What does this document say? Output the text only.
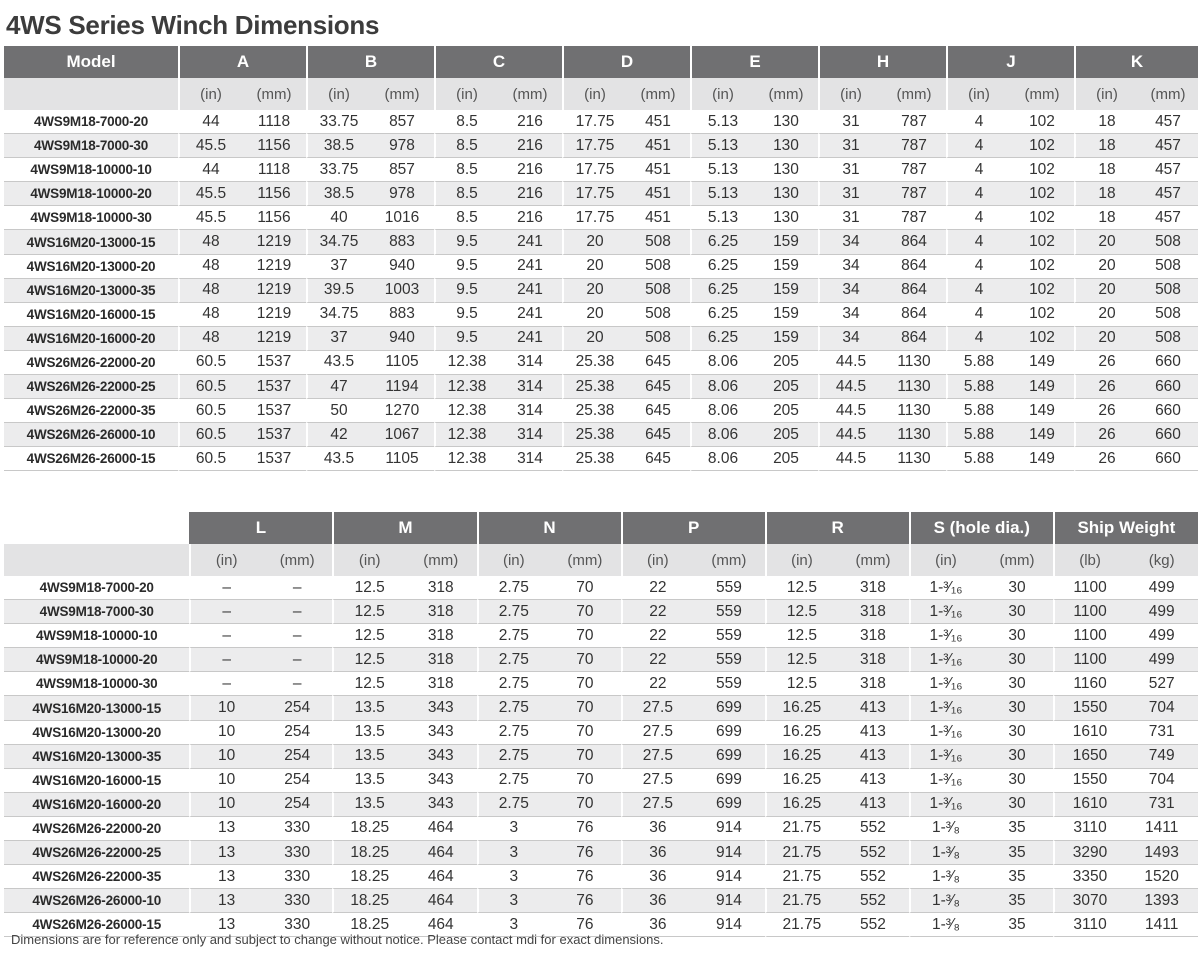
4WS Series Winch Dimensions
Model	A		B		C		D		E		H		J		K	
	(in)	(mm)	(in)	(mm)	(in)	(mm)	(in)	(mm)	(in)	(mm)	(in)	(mm)	(in)	(mm)	(in)	(mm)
4WS9M18-7000-20	44	1118	33.75	857	8.5	216	17.75	451	5.13	130	31	787	4	102	18	457
4WS9M18-7000-30	45.5	1156	38.5	978	8.5	216	17.75	451	5.13	130	31	787	4	102	18	457
4WS9M18-10000-10	44	1118	33.75	857	8.5	216	17.75	451	5.13	130	31	787	4	102	18	457
4WS9M18-10000-20	45.5	1156	38.5	978	8.5	216	17.75	451	5.13	130	31	787	4	102	18	457
4WS9M18-10000-30	45.5	1156	40	1016	8.5	216	17.75	451	5.13	130	31	787	4	102	18	457
4WS16M20-13000-15	48	1219	34.75	883	9.5	241	20	508	6.25	159	34	864	4	102	20	508
4WS16M20-13000-20	48	1219	37	940	9.5	241	20	508	6.25	159	34	864	4	102	20	508
4WS16M20-13000-35	48	1219	39.5	1003	9.5	241	20	508	6.25	159	34	864	4	102	20	508
4WS16M20-16000-15	48	1219	34.75	883	9.5	241	20	508	6.25	159	34	864	4	102	20	508
4WS16M20-16000-20	48	1219	37	940	9.5	241	20	508	6.25	159	34	864	4	102	20	508
4WS26M26-22000-20	60.5	1537	43.5	1105	12.38	314	25.38	645	8.06	205	44.5	1130	5.88	149	26	660
4WS26M26-22000-25	60.5	1537	47	1194	12.38	314	25.38	645	8.06	205	44.5	1130	5.88	149	26	660
4WS26M26-22000-35	60.5	1537	50	1270	12.38	314	25.38	645	8.06	205	44.5	1130	5.88	149	26	660
4WS26M26-26000-10	60.5	1537	42	1067	12.38	314	25.38	645	8.06	205	44.5	1130	5.88	149	26	660
4WS26M26-26000-15	60.5	1537	43.5	1105	12.38	314	25.38	645	8.06	205	44.5	1130	5.88	149	26	660
	L		M		N		P		R		S (hole dia.)		Ship Weight	
	(in)	(mm)	(in)	(mm)	(in)	(mm)	(in)	(mm)	(in)	(mm)	(in)	(mm)	(lb)	(kg)
4WS9M18-7000-20	–	–	12.5	318	2.75	70	22	559	12.5	318	1-³⁄₁₆	30	1100	499
4WS9M18-7000-30	–	–	12.5	318	2.75	70	22	559	12.5	318	1-³⁄₁₆	30	1100	499
4WS9M18-10000-10	–	–	12.5	318	2.75	70	22	559	12.5	318	1-³⁄₁₆	30	1100	499
4WS9M18-10000-20	–	–	12.5	318	2.75	70	22	559	12.5	318	1-³⁄₁₆	30	1100	499
4WS9M18-10000-30	–	–	12.5	318	2.75	70	22	559	12.5	318	1-³⁄₁₆	30	1160	527
4WS16M20-13000-15	10	254	13.5	343	2.75	70	27.5	699	16.25	413	1-³⁄₁₆	30	1550	704
4WS16M20-13000-20	10	254	13.5	343	2.75	70	27.5	699	16.25	413	1-³⁄₁₆	30	1610	731
4WS16M20-13000-35	10	254	13.5	343	2.75	70	27.5	699	16.25	413	1-³⁄₁₆	30	1650	749
4WS16M20-16000-15	10	254	13.5	343	2.75	70	27.5	699	16.25	413	1-³⁄₁₆	30	1550	704
4WS16M20-16000-20	10	254	13.5	343	2.75	70	27.5	699	16.25	413	1-³⁄₁₆	30	1610	731
4WS26M26-22000-20	13	330	18.25	464	3	76	36	914	21.75	552	1-³⁄₈	35	3110	1411
4WS26M26-22000-25	13	330	18.25	464	3	76	36	914	21.75	552	1-³⁄₈	35	3290	1493
4WS26M26-22000-35	13	330	18.25	464	3	76	36	914	21.75	552	1-³⁄₈	35	3350	1520
4WS26M26-26000-10	13	330	18.25	464	3	76	36	914	21.75	552	1-³⁄₈	35	3070	1393
4WS26M26-26000-15	13	330	18.25	464	3	76	36	914	21.75	552	1-³⁄₈	35	3110	1411
Dimensions are for reference only and subject to change without notice. Please contact mdi for exact dimensions.
